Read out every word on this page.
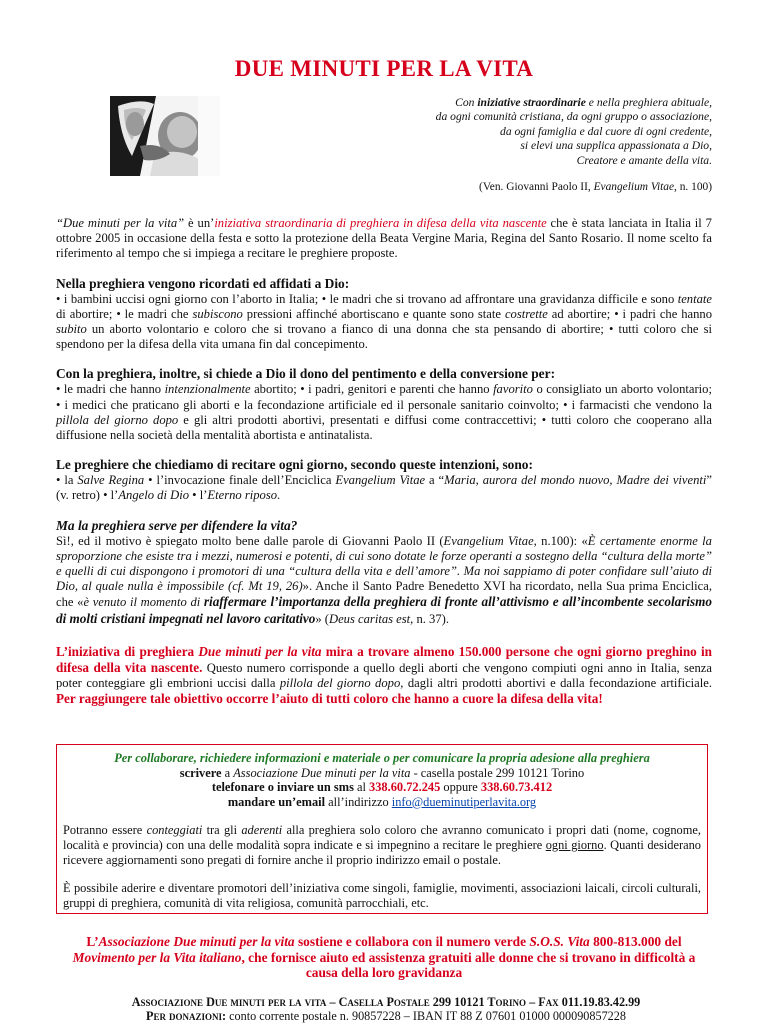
DUE MINUTI PER LA VITA
Con iniziative straordinarie e nella preghiera abituale,
da ogni comunità cristiana, da ogni gruppo o associazione,
da ogni famiglia e dal cuore di ogni credente,
si elevi una supplica appassionata a Dio,
Creatore e amante della vita.
(Ven. Giovanni Paolo II, Evangelium Vitae, n. 100)

“Due minuti per la vita” è un’iniziativa straordinaria di preghiera in difesa della vita nascente che è stata lanciata in Italia il 7 ottobre 2005 in occasione della festa e sotto la protezione della Beata Vergine Maria, Regina del Santo Rosario. Il nome scelto fa riferimento al tempo che si impiega a recitare le preghiere proposte.

Nella preghiera vengono ricordati ed affidati a Dio:

• i bambini uccisi ogni giorno con l’aborto in Italia; • le madri che si trovano ad affrontare una gravidanza difficile e sono tentate di abortire; • le madri che subiscono pressioni affinché abortiscano e quante sono state costrette ad abortire; • i padri che hanno subito un aborto volontario e coloro che si trovano a fianco di una donna che sta pensando di abortire; • tutti coloro che si spendono per la difesa della vita umana fin dal concepimento.

Con la preghiera, inoltre, si chiede a Dio il dono del pentimento e della conversione per:

• le madri che hanno intenzionalmente abortito; • i padri, genitori e parenti che hanno favorito o consigliato un aborto volontario; • i medici che praticano gli aborti e la fecondazione artificiale ed il personale sanitario coinvolto; • i farmacisti che vendono la pillola del giorno dopo e gli altri prodotti abortivi, presentati e diffusi come contraccettivi; • tutti coloro che cooperano alla diffusione nella società della mentalità abortista e antinatalista.

Le preghiere che chiediamo di recitare ogni giorno, secondo queste intenzioni, sono:

• la Salve Regina • l’invocazione finale dell’Enciclica Evangelium Vitae a “Maria, aurora del mondo nuovo, Madre dei viventi” (v. retro) • l’Angelo di Dio • l’Eterno riposo.

Ma la preghiera serve per difendere la vita?

Sì!, ed il motivo è spiegato molto bene dalle parole di Giovanni Paolo II (Evangelium Vitae, n.100): «È certamente enorme la sproporzione che esiste tra i mezzi, numerosi e potenti, di cui sono dotate le forze operanti a sostegno della “cultura della morte” e quelli di cui dispongono i promotori di una “cultura della vita e dell’amore”. Ma noi sappiamo di poter confidare sull’aiuto di Dio, al quale nulla è impossibile (cf. Mt 19, 26)». Anche il Santo Padre Benedetto XVI ha ricordato, nella Sua prima Enciclica, che «è venuto il momento di riaffermare l’importanza della preghiera di fronte all’attivismo e all’incombente secolarismo di molti cristiani impegnati nel lavoro caritativo» (Deus caritas est, n. 37).

L’iniziativa di preghiera Due minuti per la vita mira a trovare almeno 150.000 persone che ogni giorno preghino in difesa della vita nascente. Questo numero corrisponde a quello degli aborti che vengono compiuti ogni anno in Italia, senza poter conteggiare gli embrioni uccisi dalla pillola del giorno dopo, dagli altri prodotti abortivi e dalla fecondazione artificiale. Per raggiungere tale obiettivo occorre l’aiuto di tutti coloro che hanno a cuore la difesa della vita!

Per collaborare, richiedere informazioni e materiale o per comunicare la propria adesione alla preghiera

scrivere a Associazione Due minuti per la vita - casella postale 299 10121 Torino

telefonare o inviare un sms al 338.60.72.245 oppure 338.60.73.412

mandare un’email all’indirizzo info@dueminutiperlavita.org

Potranno essere conteggiati tra gli aderenti alla preghiera solo coloro che avranno comunicato i propri dati (nome, cognome, località e provincia) con una delle modalità sopra indicate e si impegnino a recitare le preghiere ogni giorno. Quanti desiderano ricevere aggiornamenti sono pregati di fornire anche il proprio indirizzo email o postale.

È possibile aderire e diventare promotori dell’iniziativa come singoli, famiglie, movimenti, associazioni laicali, circoli culturali, gruppi di preghiera, comunità di vita religiosa, comunità parrocchiali, etc.

L’Associazione Due minuti per la vita sostiene e collabora con il numero verde S.O.S. Vita 800-813.000 del Movimento per la Vita italiano, che fornisce aiuto ed assistenza gratuiti alle donne che si trovano in difficoltà a causa della loro gravidanza
Associazione Due minuti per la vita – Casella Postale 299 10121 Torino – Fax 011.19.83.42.99
Per donazioni: conto corrente postale n. 90857228 – IBAN IT 88 Z 07601 01000 000090857228
